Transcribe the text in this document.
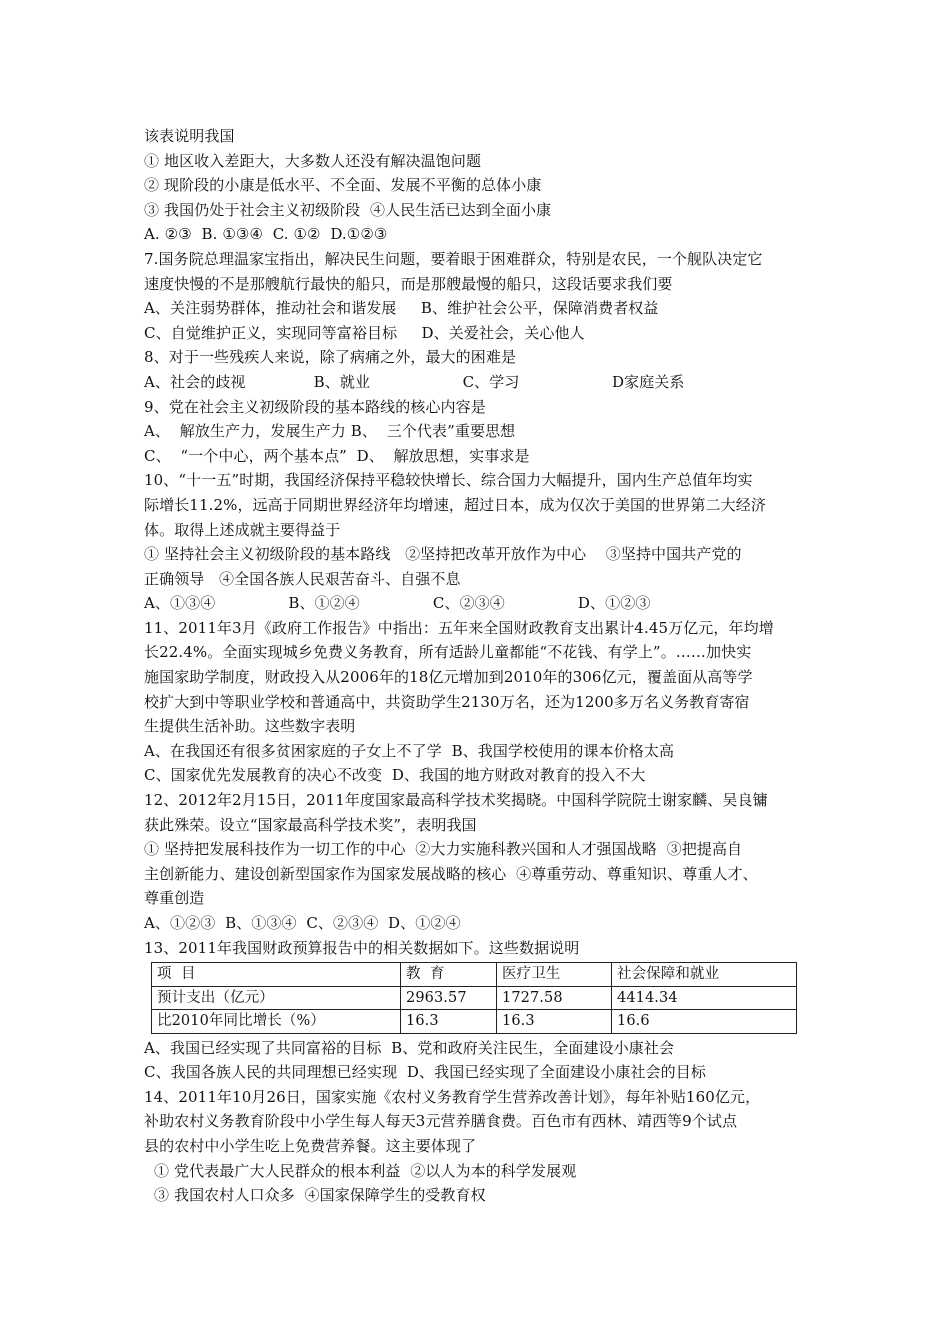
该表说明我国
① 地区收入差距大，大多数人还没有解决温饱问题
② 现阶段的小康是低水平、不全面、发展不平衡的总体小康
③ 我国仍处于社会主义初级阶段  ④人民生活已达到全面小康
A. ②③  B. ①③④  C. ①②  D.①②③
7.国务院总理温家宝指出，解决民生问题，要着眼于困难群众，特别是农民，一个舰队决定它
速度快慢的不是那艘航行最快的船只，而是那艘最慢的船只，这段话要求我们要
A、关注弱势群体，推动社会和谐发展     B、维护社会公平，保障消费者权益
C、自觉维护正义，实现同等富裕目标     D、关爱社会，关心他人
8、对于一些残疾人来说，除了病痛之外，最大的困难是
A、社会的歧视              B、就业                   C、学习                   D家庭关系
9、党在社会主义初级阶段的基本路线的核心内容是
A、  解放生产力，发展生产力 B、  三个代表”重要思想
C、  “一个中心，两个基本点”  D、  解放思想，实事求是
10、“十一五”时期，我国经济保持平稳较快增长、综合国力大幅提升，国内生产总值年均实
际增长11.2%，远高于同期世界经济年均增速，超过日本，成为仅次于美国的世界第二大经济
体。取得上述成就主要得益于
① 坚持社会主义初级阶段的基本路线   ②坚持把改革开放作为中心    ③坚持中国共产党的
正确领导   ④全国各族人民艰苦奋斗、自强不息
A、①③④               B、①②④               C、②③④               D、①②③
11、2011年3月《政府工作报告》中指出：五年来全国财政教育支出累计4.45万亿元，年均增
长22.4%。全面实现城乡免费义务教育，所有适龄儿童都能“不花钱、有学上”。……加快实
施国家助学制度，财政投入从2006年的18亿元增加到2010年的306亿元，覆盖面从高等学
校扩大到中等职业学校和普通高中，共资助学生2130万名，还为1200多万名义务教育寄宿
生提供生活补助。这些数字表明
A、在我国还有很多贫困家庭的子女上不了学  B、我国学校使用的课本价格太高
C、国家优先发展教育的决心不改变  D、我国的地方财政对教育的投入不大
12、2012年2月15日，2011年度国家最高科学技术奖揭晓。中国科学院院士谢家麟、吴良镛
获此殊荣。设立“国家最高科学技术奖”，表明我国
① 坚持把发展科技作为一切工作的中心  ②大力实施科教兴国和人才强国战略  ③把提高自
主创新能力、建设创新型国家作为国家发展战略的核心  ④尊重劳动、尊重知识、尊重人才、
尊重创造
A、①②③  B、①③④  C、②③④  D、①②④
13、2011年我国财政预算报告中的相关数据如下。这些数据说明
项  目	教  育	医疗卫生	社会保障和就业
预计支出（亿元）	2963.57	1727.58	4414.34
比2010年同比增长（%）	16.3	16.3	16.6
A、我国已经实现了共同富裕的目标  B、党和政府关注民生，全面建设小康社会
C、我国各族人民的共同理想已经实现  D、我国已经实现了全面建设小康社会的目标
14、2011年10月26日，国家实施《农村义务教育学生营养改善计划》，每年补贴160亿元，
补助农村义务教育阶段中小学生每人每天3元营养膳食费。百色市有西林、靖西等9个试点
县的农村中小学生吃上免费营养餐。这主要体现了
① 党代表最广大人民群众的根本利益  ②以人为本的科学发展观
③ 我国农村人口众多  ④国家保障学生的受教育权
